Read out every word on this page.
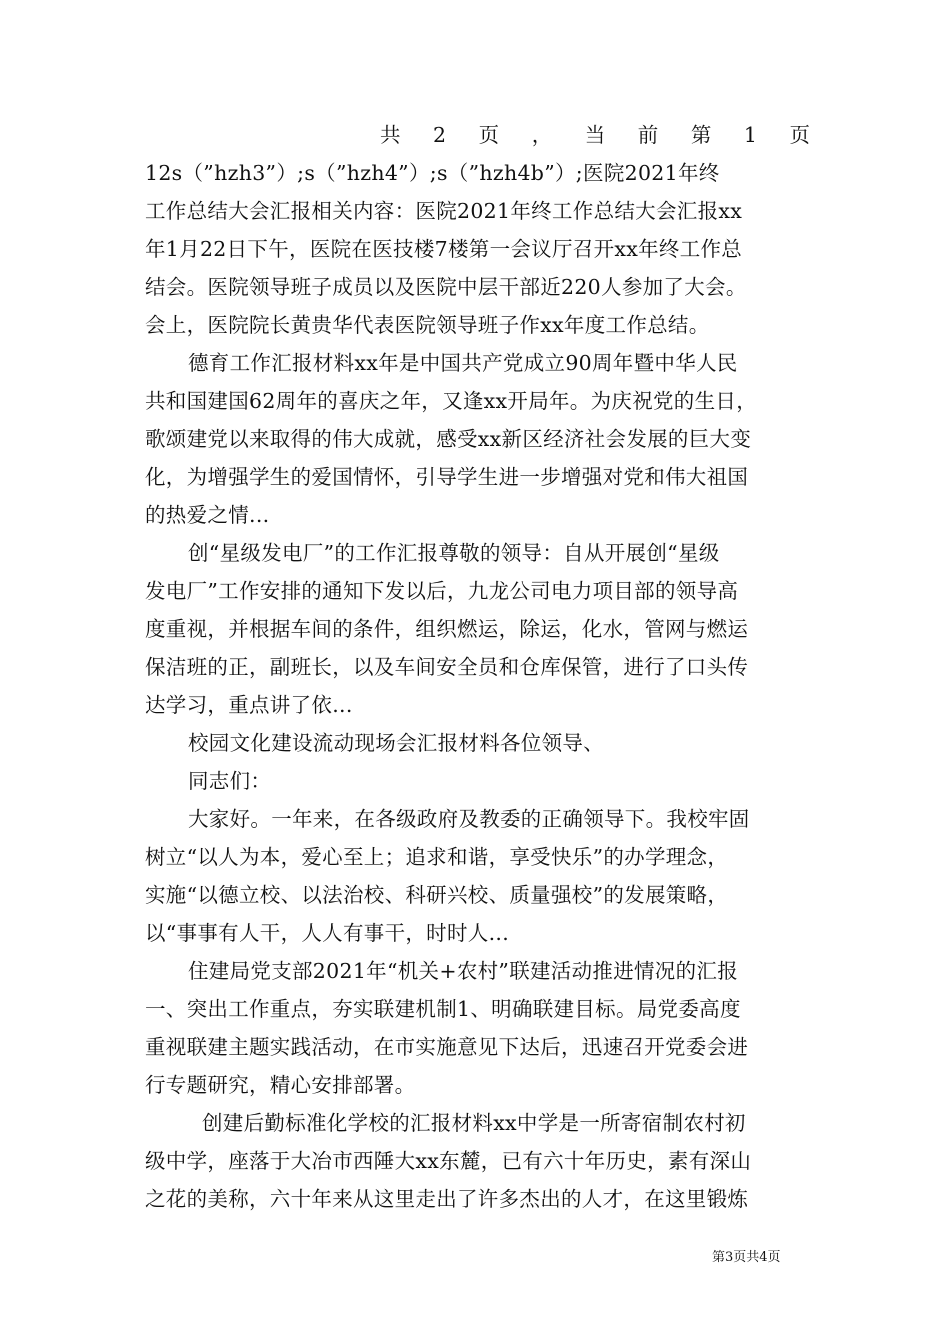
共 2 页 ， 当 前 第 1 页
12s（”hzh3”）;s（”hzh4”）;s（”hzh4b”）;医院2021年终
工作总结大会汇报相关内容：医院2021年终工作总结大会汇报xx
年1月22日下午，医院在医技楼7楼第一会议厅召开xx年终工作总
结会。医院领导班子成员以及医院中层干部近220人参加了大会。
会上，医院院长黄贵华代表医院领导班子作xx年度工作总结。
德育工作汇报材料xx年是中国共产党成立90周年暨中华人民
共和国建国62周年的喜庆之年，又逢xx开局年。为庆祝党的生日，
歌颂建党以来取得的伟大成就，感受xx新区经济社会发展的巨大变
化，为增强学生的爱国情怀，引导学生进一步增强对党和伟大祖国
的热爱之情...
创“星级发电厂”的工作汇报尊敬的领导：自从开展创“星级
发电厂”工作安排的通知下发以后，九龙公司电力项目部的领导高
度重视，并根据车间的条件，组织燃运，除运，化水，管网与燃运
保洁班的正，副班长，以及车间安全员和仓库保管，进行了口头传
达学习，重点讲了依...
校园文化建设流动现场会汇报材料各位领导、
同志们：
大家好。一年来，在各级政府及教委的正确领导下。我校牢固
树立“以人为本，爱心至上；追求和谐，享受快乐”的办学理念，
实施“以德立校、以法治校、科研兴校、质量强校”的发展策略，
以“事事有人干，人人有事干，时时人...
住建局党支部2021年“机关+农村”联建活动推进情况的汇报
一、突出工作重点，夯实联建机制1、明确联建目标。局党委高度
重视联建主题实践活动，在市实施意见下达后，迅速召开党委会进
行专题研究，精心安排部署。
创建后勤标准化学校的汇报材料xx中学是一所寄宿制农村初
级中学，座落于大冶市西陲大xx东麓，已有六十年历史，素有深山
之花的美称，六十年来从这里走出了许多杰出的人才，在这里锻炼
第3页共4页
